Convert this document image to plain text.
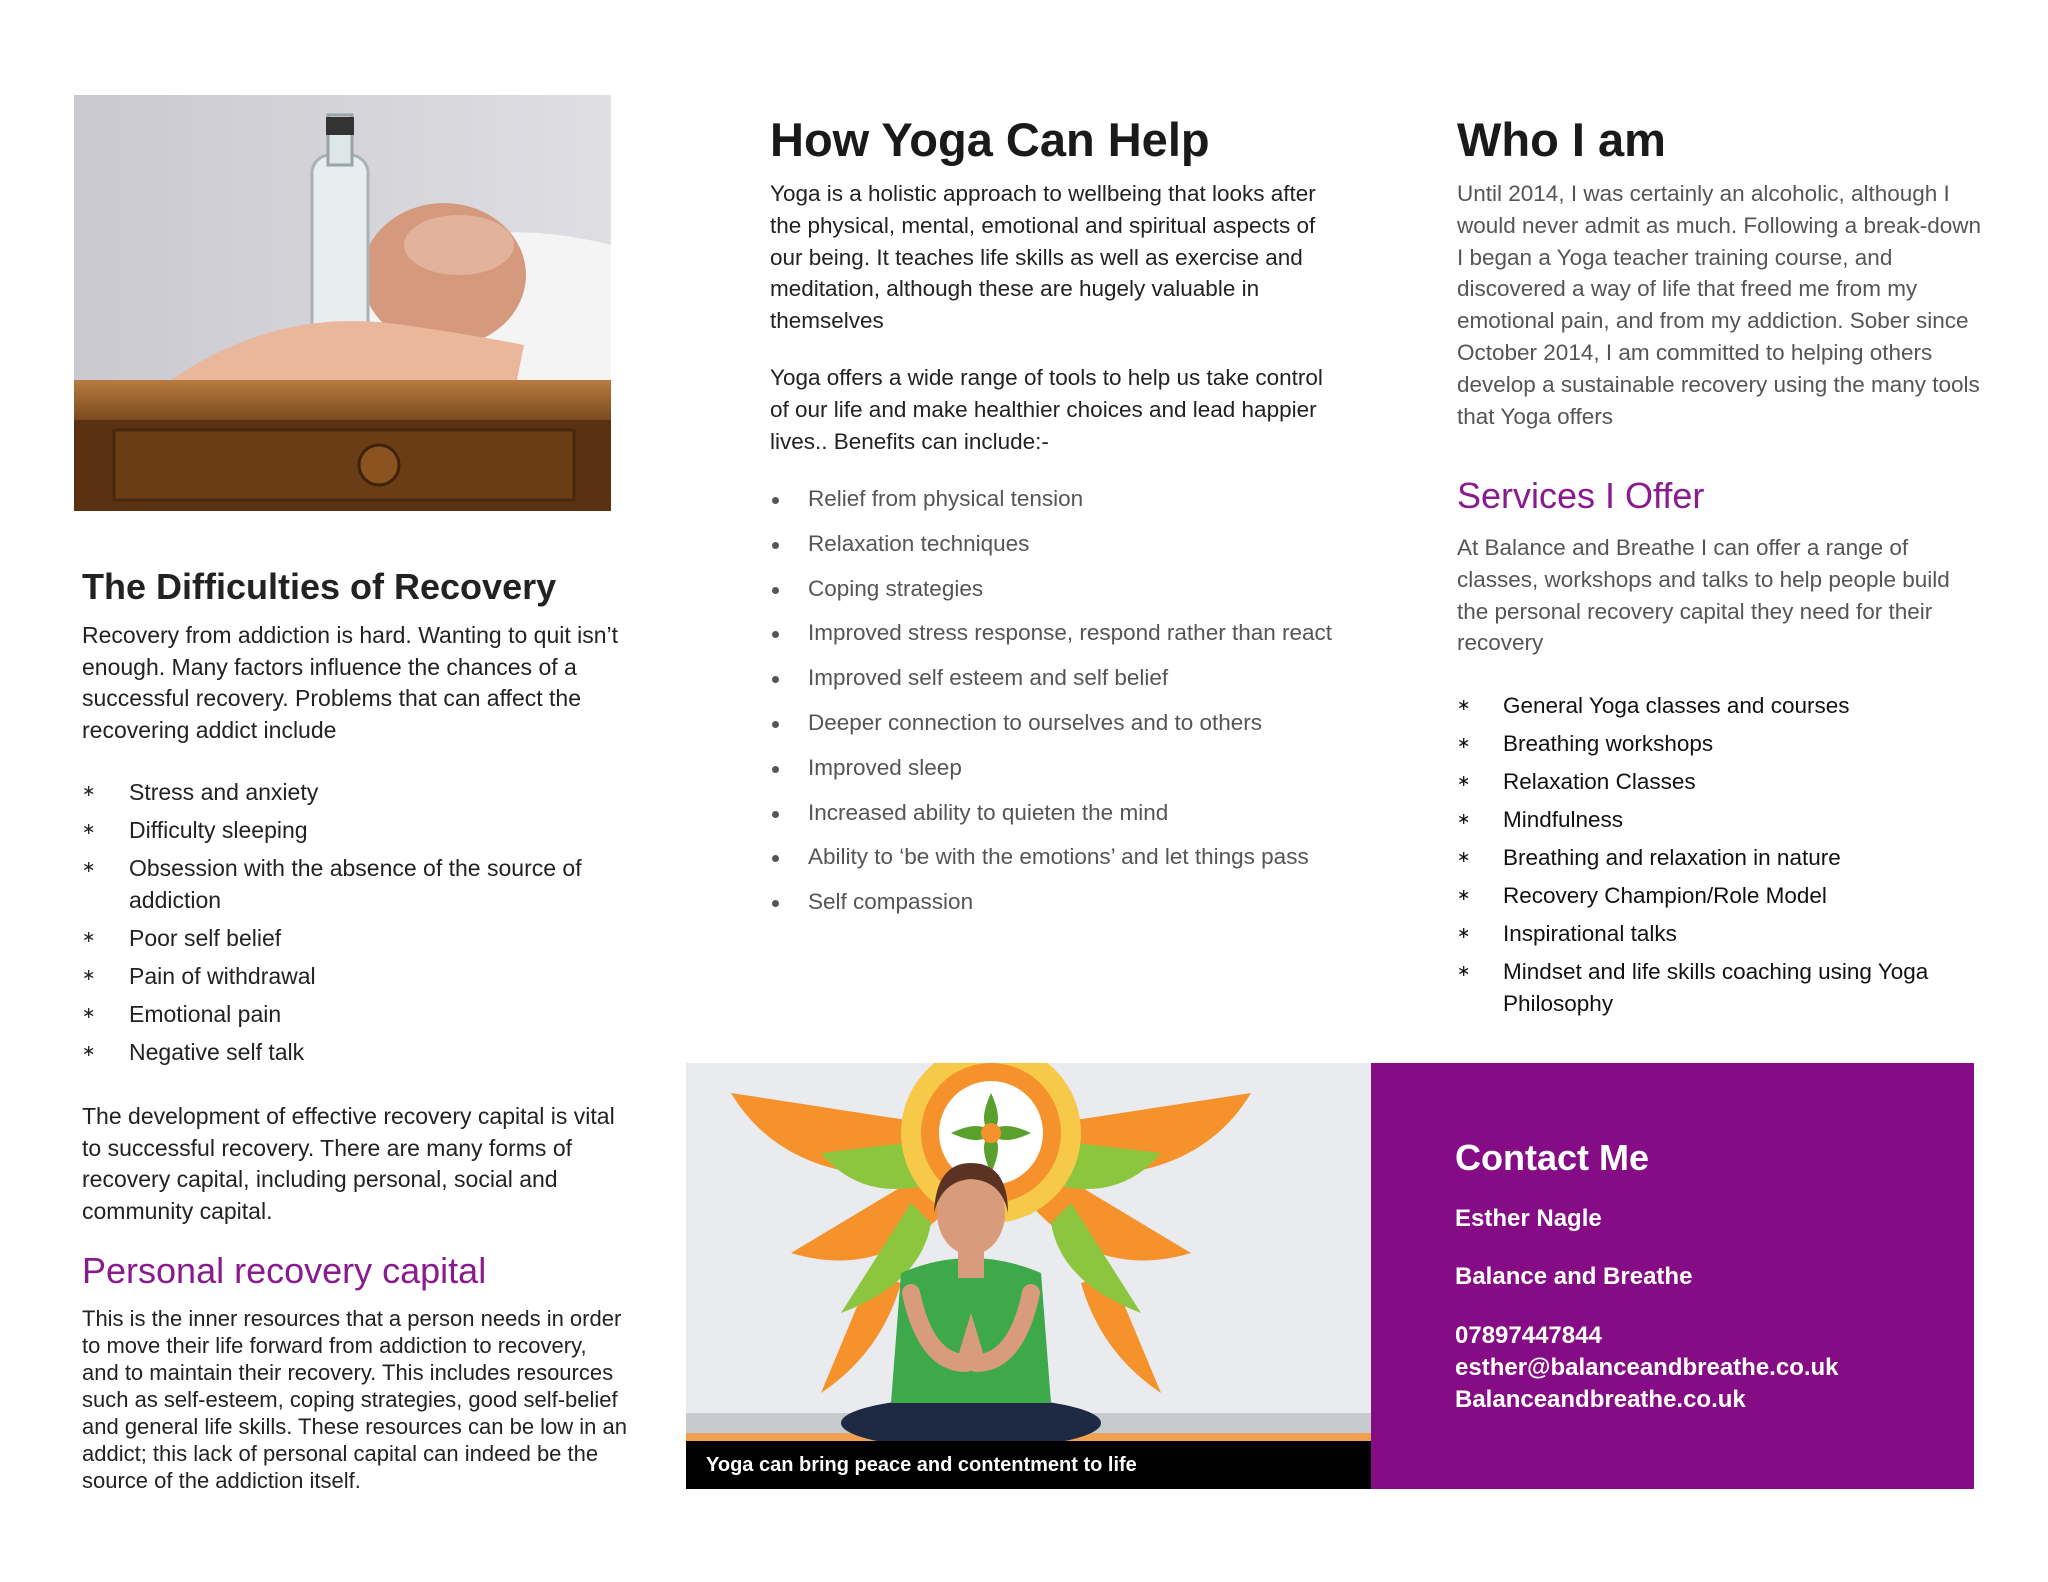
The Difficulties of Recovery

Recovery from addiction is hard. Wanting to quit isn’t enough. Many factors influence the chances of a successful recovery. Problems that can affect the recovering addict include

∗ Stress and anxiety
∗ Difficulty sleeping
∗ Obsession with the absence of the source of addiction
∗ Poor self belief
∗ Pain of withdrawal
∗ Emotional pain
∗ Negative self talk

The development of effective recovery capital is vital to successful recovery. There are many forms of recovery capital, including personal, social and community capital.

Personal recovery capital

This is the inner resources that a person needs in order to move their life forward from addiction to recovery, and to maintain their recovery. This includes resources such as self-esteem, coping strategies, good self-belief and general life skills. These resources can be low in an addict; this lack of personal capital can indeed be the source of the addiction itself.

How Yoga Can Help

Yoga is a holistic approach to wellbeing that looks after the physical, mental, emotional and spiritual aspects of our being. It teaches life skills as well as exercise and meditation, although these are hugely valuable in themselves

Yoga offers a wide range of tools to help us take control of our life and make healthier choices and lead happier lives.. Benefits can include:-

Relief from physical tension
Relaxation techniques
Coping strategies
Improved stress response, respond rather than react
Improved self esteem and self belief
Deeper connection to ourselves and to others
Improved sleep
Increased ability to quieten the mind
Ability to ‘be with the emotions’ and let things pass
Self compassion
Who I am

Until 2014, I was certainly an alcoholic, although I would never admit as much. Following a break-down I began a Yoga teacher training course, and discovered a way of life that freed me from my emotional pain, and from my addiction. Sober since October 2014, I am committed to helping others develop a sustainable recovery using the many tools that Yoga offers

Services I Offer

At Balance and Breathe I can offer a range of classes, workshops and talks to help people build the personal recovery capital they need for their recovery

∗ General Yoga classes and courses
∗ Breathing workshops
∗ Relaxation Classes
∗ Mindfulness
∗ Breathing and relaxation in nature
∗ Recovery Champion/Role Model
∗ Inspirational talks
∗ Mindset and life skills coaching using Yoga Philosophy
Yoga can bring peace and contentment to life
Contact Me

Esther Nagle

Balance and Breathe

07897447844

esther@balanceandbreathe.co.uk

Balanceandbreathe.co.uk
